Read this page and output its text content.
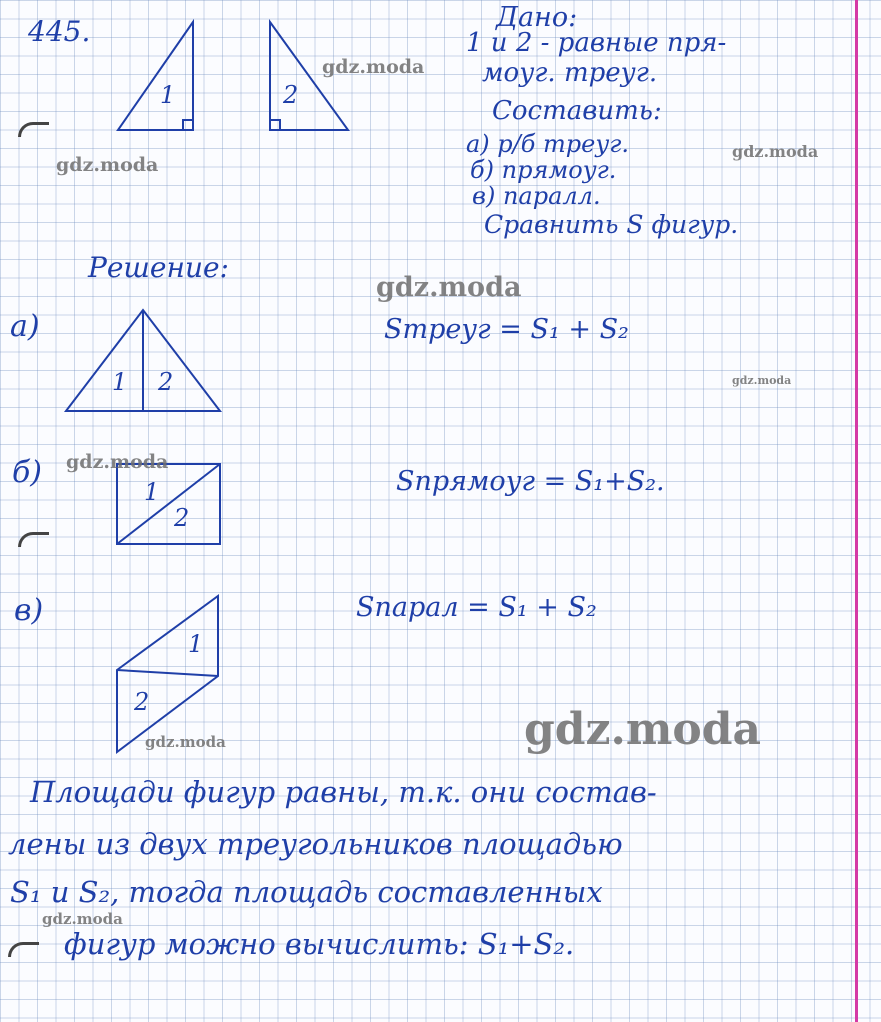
445.
1	2
Дано:
1 и 2 - равные пря-
моуг. треуг.
Составить:
а) р/б треуг.
б) прямоуг.
в) паралл.
Сравнить S фигур.
Решение:
а)
1 2
Sтреуг = S₁ + S₂
б)
1
2
Sпрямоуг = S₁+S₂.
в)
1
2
Sпарал = S₁ + S₂
Площади фигур равны, т.к. они состав-
лены из двух треугольников площадью
S₁ и S₂, тогда площадь составленных
фигур можно вычислить: S₁+S₂.
gdz.moda
gdz.moda
gdz.moda
gdz.moda
gdz.moda
gdz.moda
gdz.moda
gdz.moda
gdz.moda
